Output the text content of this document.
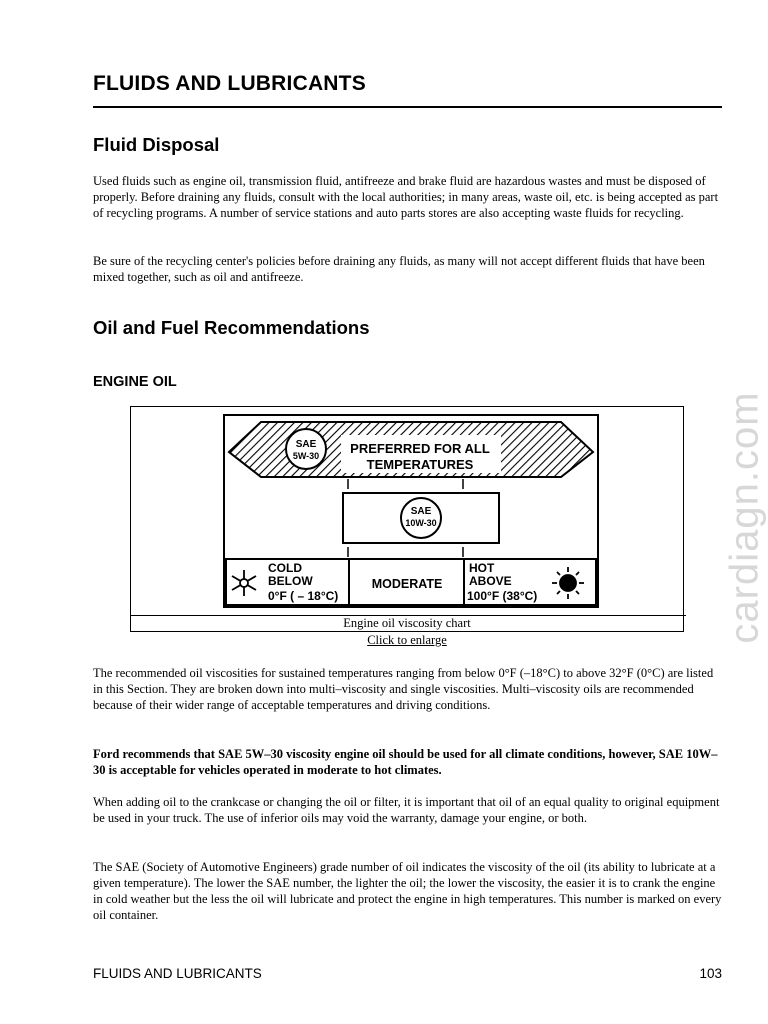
FLUIDS AND LUBRICANTS
Fluid Disposal

Used fluids such as engine oil, transmission fluid, antifreeze and brake fluid are hazardous wastes and must be disposed of properly. Before draining any fluids, consult with the local authorities; in many areas, waste oil, etc. is being accepted as part of recycling programs. A number of service stations and auto parts stores are also accepting waste fluids for recycling.

Be sure of the recycling center's policies before draining any fluids, as many will not accept different fluids that have been mixed together, such as oil and antifreeze.

Oil and Fuel Recommendations
ENGINE OIL
SAE
5W-30 PREFERRED FOR ALL
TEMPERATURES
SAE
10W-30
COLD
BELOW
0°F ( – 18°C)
MODERATE
HOT
ABOVE
100°F (38°C)
Engine oil viscosity chart
Click to enlarge	cardiagn.com

The recommended oil viscosities for sustained temperatures ranging from below 0°F (–18°C) to above 32°F (0°C) are listed in this Section. They are broken down into multi–viscosity and single viscosities. Multi–viscosity oils are recommended because of their wider range of acceptable temperatures and driving conditions.

Ford recommends that SAE 5W–30 viscosity engine oil should be used for all climate conditions, however, SAE 10W–30 is acceptable for vehicles operated in moderate to hot climates.

When adding oil to the crankcase or changing the oil or filter, it is important that oil of an equal quality to original equipment be used in your truck. The use of inferior oils may void the warranty, damage your engine, or both.

The SAE (Society of Automotive Engineers) grade number of oil indicates the viscosity of the oil (its ability to lubricate at a given temperature). The lower the SAE number, the lighter the oil; the lower the viscosity, the easier it is to crank the engine in cold weather but the less the oil will lubricate and protect the engine in high temperatures. This number is marked on every oil container.

FLUIDS AND LUBRICANTS	103
